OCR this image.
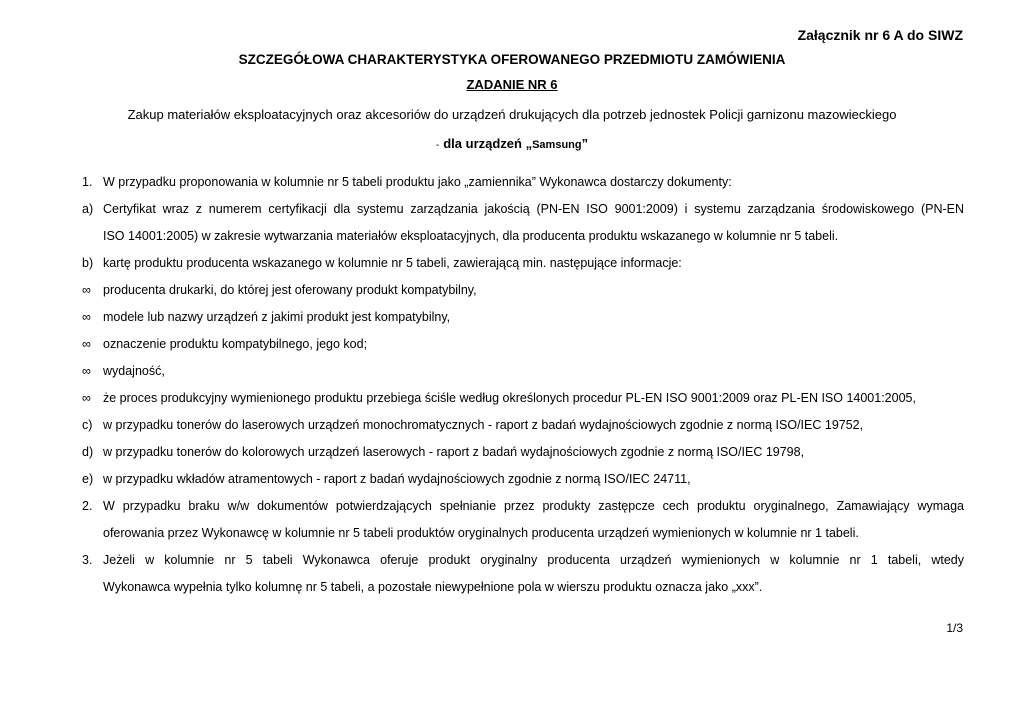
Załącznik nr 6 A do SIWZ
SZCZEGÓŁOWA CHARAKTERYSTYKA OFEROWANEGO PRZEDMIOTU ZAMÓWIENIA
ZADANIE NR 6
Zakup materiałów eksploatacyjnych oraz akcesoriów do urządzeń drukujących dla potrzeb jednostek Policji garnizonu mazowieckiego
- dla urządzeń „Samsung”
1. W przypadku proponowania w kolumnie nr 5 tabeli produktu jako „zamiennika” Wykonawca dostarczy dokumenty:
a) Certyfikat wraz z numerem certyfikacji dla systemu zarządzania jakością (PN-EN ISO 9001:2009) i systemu zarządzania środowiskowego (PN-EN
ISO 14001:2005) w zakresie wytwarzania materiałów eksploatacyjnych, dla producenta produktu wskazanego w kolumnie nr 5 tabeli.
b) kartę produktu producenta wskazanego w kolumnie nr 5 tabeli, zawierającą min. następujące informacje:
∞ producenta drukarki, do której jest oferowany produkt kompatybilny,
∞ modele lub nazwy urządzeń z jakimi produkt jest kompatybilny,
∞ oznaczenie produktu kompatybilnego, jego kod;
∞ wydajność,
∞ że proces produkcyjny wymienionego produktu przebiega ściśle według określonych procedur PL-EN ISO 9001:2009 oraz PL-EN ISO 14001:2005,
c) w przypadku tonerów do laserowych urządzeń monochromatycznych - raport z badań wydajnościowych zgodnie z normą ISO/IEC 19752,
d) w przypadku tonerów do kolorowych urządzeń laserowych - raport z badań wydajnościowych zgodnie z normą ISO/IEC 19798,
e) w przypadku wkładów atramentowych - raport z badań wydajnościowych zgodnie z normą ISO/IEC 24711,
2. W przypadku braku w/w dokumentów potwierdzających spełnianie przez produkty zastępcze cech produktu oryginalnego, Zamawiający wymaga
oferowania przez Wykonawcę w kolumnie nr 5 tabeli produktów oryginalnych producenta urządzeń wymienionych w kolumnie nr 1 tabeli.
3. Jeżeli w kolumnie nr 5 tabeli Wykonawca oferuje produkt oryginalny producenta urządzeń wymienionych w kolumnie nr 1 tabeli, wtedy
Wykonawca wypełnia tylko kolumnę nr 5 tabeli, a pozostałe niewypełnione pola w wierszu produktu oznacza jako „xxx”.
1/3
